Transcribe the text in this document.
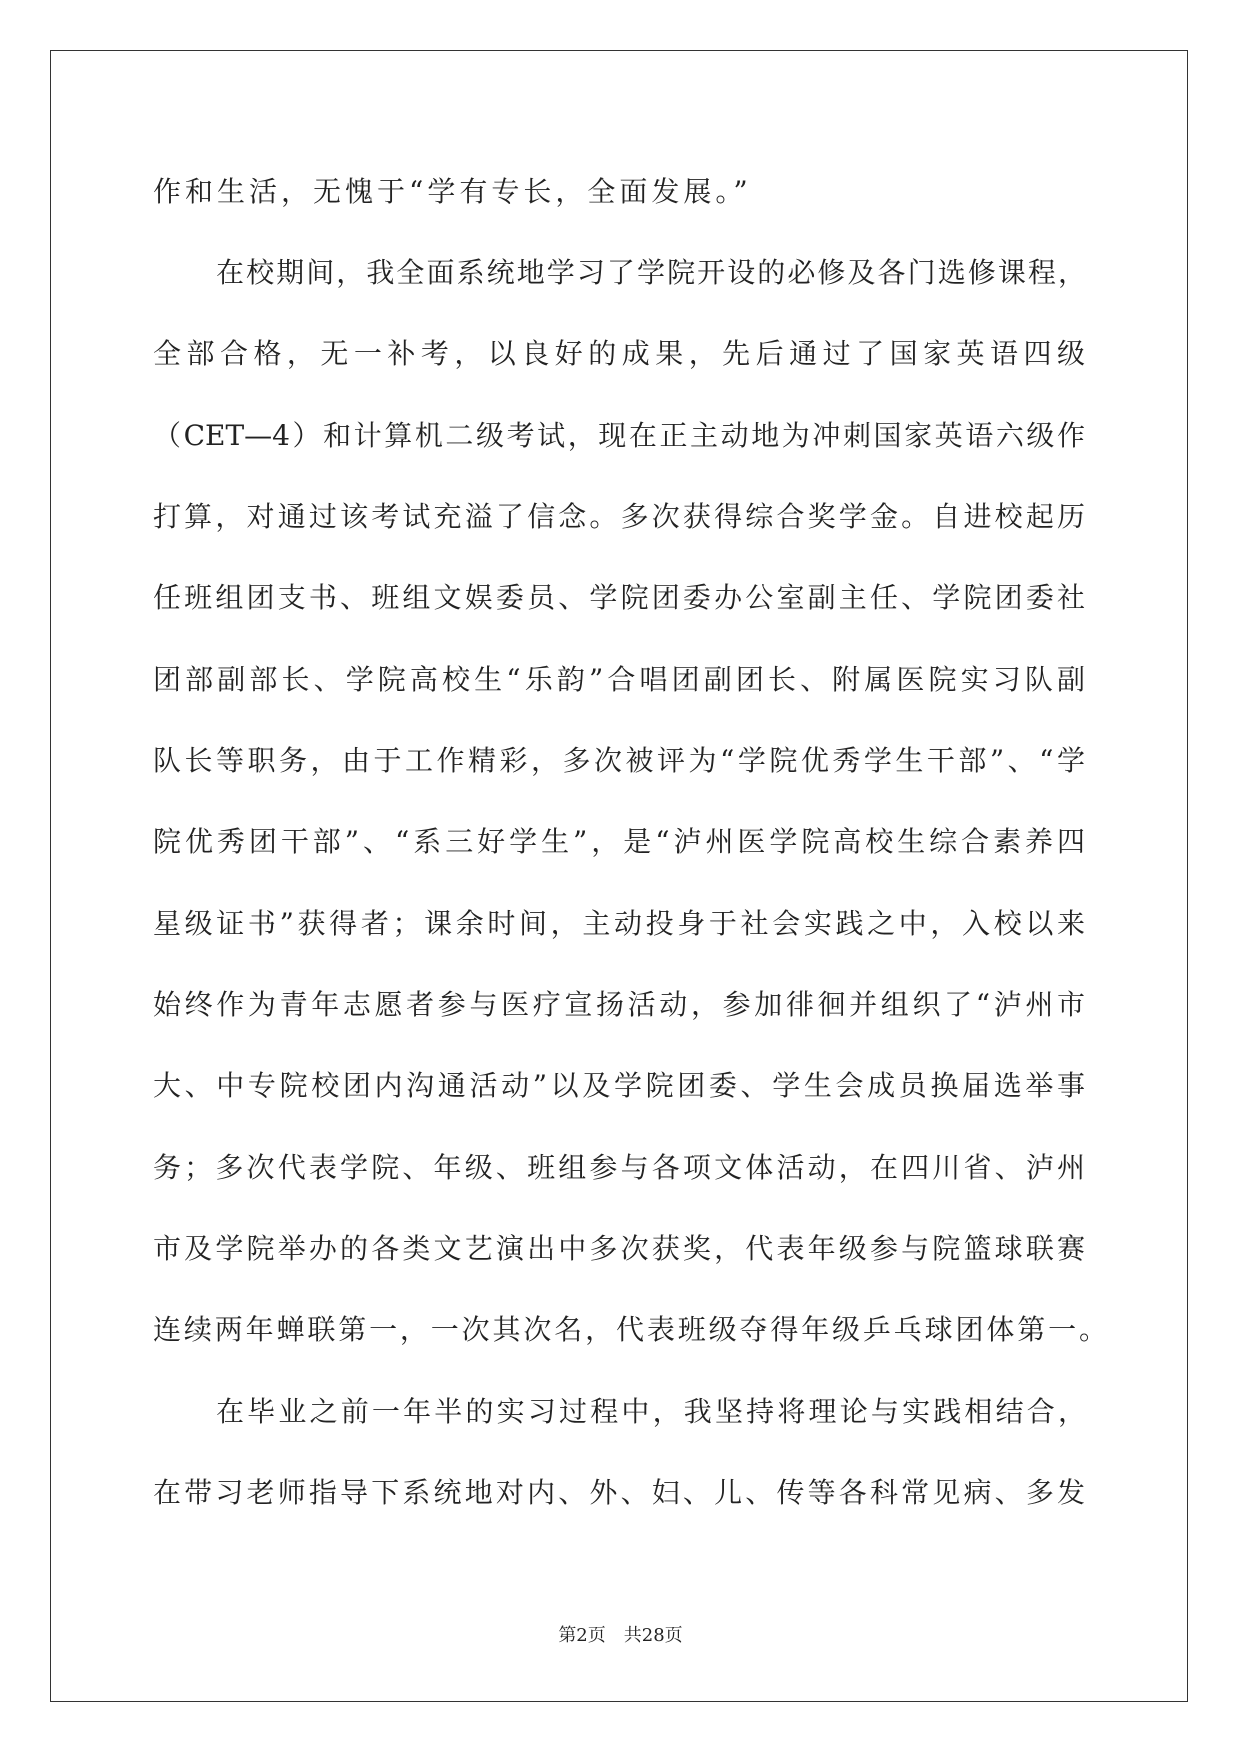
作和生活，无愧于“学有专长，全面发展。”
在校期间，我全面系统地学习了学院开设的必修及各门选修课程，
全部合格，无一补考，以良好的成果，先后通过了国家英语四级
（CET—4）和计算机二级考试，现在正主动地为冲刺国家英语六级作
打算，对通过该考试充溢了信念。多次获得综合奖学金。自进校起历
任班组团支书、班组文娱委员、学院团委办公室副主任、学院团委社
团部副部长、学院高校生“乐韵”合唱团副团长、附属医院实习队副
队长等职务，由于工作精彩，多次被评为“学院优秀学生干部”、“学
院优秀团干部”、“系三好学生”，是“泸州医学院高校生综合素养四
星级证书”获得者；课余时间，主动投身于社会实践之中，入校以来
始终作为青年志愿者参与医疗宣扬活动，参加徘徊并组织了“泸州市
大、中专院校团内沟通活动”以及学院团委、学生会成员换届选举事
务；多次代表学院、年级、班组参与各项文体活动，在四川省、泸州
市及学院举办的各类文艺演出中多次获奖，代表年级参与院篮球联赛
连续两年蝉联第一，一次其次名，代表班级夺得年级乒乓球团体第一。
在毕业之前一年半的实习过程中，我坚持将理论与实践相结合，
在带习老师指导下系统地对内、外、妇、儿、传等各科常见病、多发
第2页　共28页
